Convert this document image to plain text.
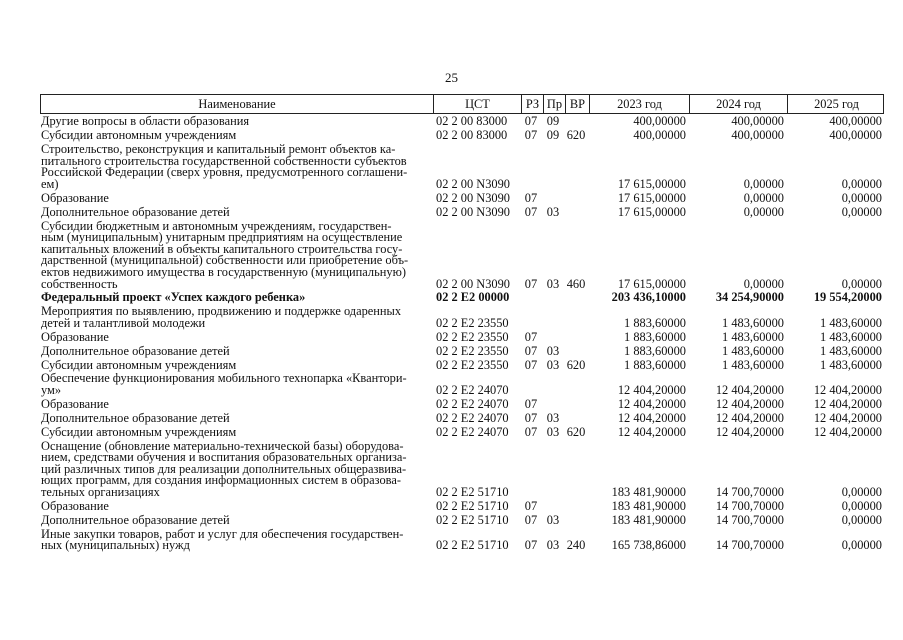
25
Наименование	ЦСТ	РЗ Пр ВР	2023 год	2024 год	2025 год
Другие вопросы в области образования	02 2 00 83000	07 09	400,00000	400,00000	400,00000
Субсидии автономным учреждениям	02 2 00 83000	07 09 620	400,00000	400,00000	400,00000
Строительство, реконструкция и капитальный ремонт объектов ка-
питального строительства государственной собственности субъектов
Российской Федерации (сверх уровня, предусмотренного соглашени-
ем)	02 2 00 N3090	17 615,00000	0,00000	0,00000
Образование	02 2 00 N3090	07	17 615,00000	0,00000	0,00000
Дополнительное образование детей	02 2 00 N3090	07 03	17 615,00000	0,00000	0,00000
Субсидии бюджетным и автономным учреждениям, государствен-
ным (муниципальным) унитарным предприятиям на осуществление
капитальных вложений в объекты капитального строительства госу-
дарственной (муниципальной) собственности или приобретение объ-
ектов недвижимого имущества в государственную (муниципальную)
собственность	02 2 00 N3090	07 03 460	17 615,00000	0,00000	0,00000
Федеральный проект «Успех каждого ребенка»	02 2 E2 00000	203 436,10000	34 254,90000	19 554,20000
Мероприятия по выявлению, продвижению и поддержке одаренных
детей и талантливой молодежи	02 2 E2 23550	1 883,60000	1 483,60000	1 483,60000
Образование	02 2 E2 23550	07	1 883,60000	1 483,60000	1 483,60000
Дополнительное образование детей	02 2 E2 23550	07 03	1 883,60000	1 483,60000	1 483,60000
Субсидии автономным учреждениям	02 2 E2 23550	07 03 620	1 883,60000	1 483,60000	1 483,60000
Обеспечение функционирования мобильного технопарка «Квантори-
ум»	02 2 E2 24070	12 404,20000	12 404,20000	12 404,20000
Образование	02 2 E2 24070	07	12 404,20000	12 404,20000	12 404,20000
Дополнительное образование детей	02 2 E2 24070	07 03	12 404,20000	12 404,20000	12 404,20000
Субсидии автономным учреждениям	02 2 E2 24070	07 03 620	12 404,20000	12 404,20000	12 404,20000
Оснащение (обновление материально-технической базы) оборудова-
нием, средствами обучения и воспитания образовательных организа-
ций различных типов для реализации дополнительных общеразвива-
ющих программ, для создания информационных систем в образова-
тельных организациях	02 2 E2 51710	183 481,90000	14 700,70000	0,00000
Образование	02 2 E2 51710	07	183 481,90000	14 700,70000	0,00000
Дополнительное образование детей	02 2 E2 51710	07 03	183 481,90000	14 700,70000	0,00000
Иные закупки товаров, работ и услуг для обеспечения государствен-
ных (муниципальных) нужд	02 2 E2 51710	07 03 240	165 738,86000	14 700,70000	0,00000
